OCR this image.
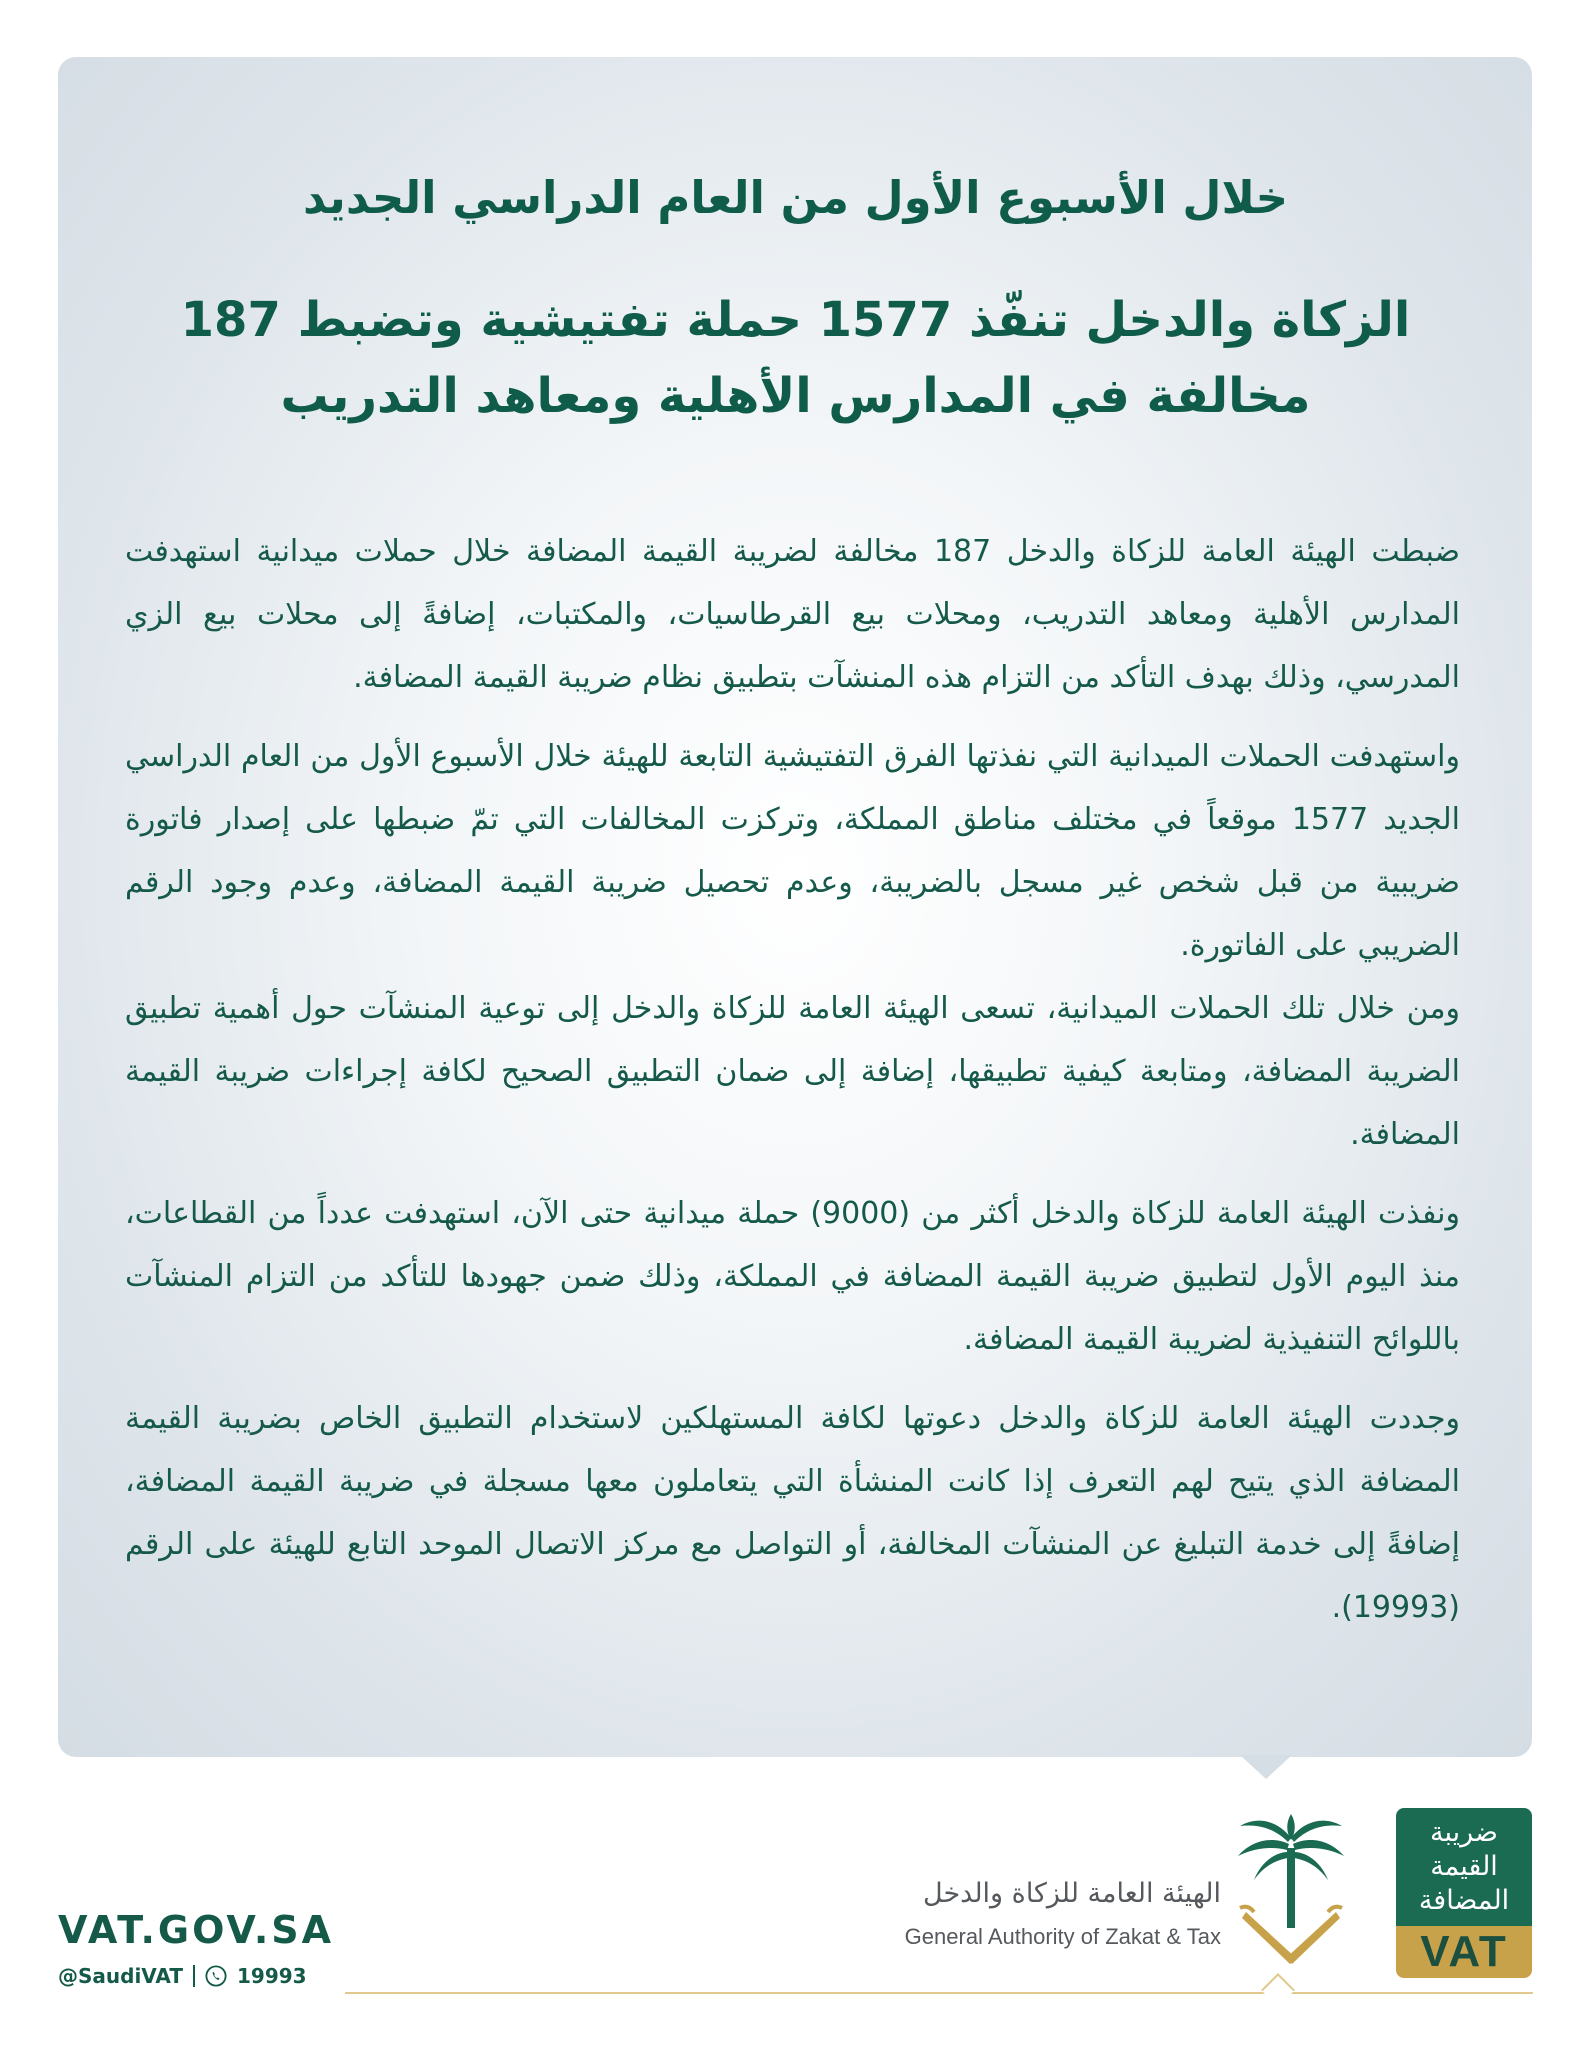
خلال الأسبوع الأول من العام الدراسي الجديد
الزكاة والدخل تنفّذ 1577 حملة تفتيشية وتضبط 187
مخالفة في المدارس الأهلية ومعاهد التدريب

ضبطت الهيئة العامة للزكاة والدخل 187 مخالفة لضريبة القيمة المضافة خلال حملات ميدانية استهدفت المدارس الأهلية ومعاهد التدريب، ومحلات بيع القرطاسيات، والمكتبات، إضافةً إلى محلات بيع الزي المدرسي، وذلك بهدف التأكد من التزام هذه المنشآت بتطبيق نظام ضريبة القيمة المضافة.

واستهدفت الحملات الميدانية التي نفذتها الفرق التفتيشية التابعة للهيئة خلال الأسبوع الأول من العام الدراسي الجديد 1577 موقعاً في مختلف مناطق المملكة، وتركزت المخالفات التي تمّ ضبطها على إصدار فاتورة ضريبية من قبل شخص غير مسجل بالضريبة، وعدم تحصيل ضريبة القيمة المضافة، وعدم وجود الرقم الضريبي على الفاتورة.

ومن خلال تلك الحملات الميدانية، تسعى الهيئة العامة للزكاة والدخل إلى توعية المنشآت حول أهمية تطبيق الضريبة المضافة، ومتابعة كيفية تطبيقها، إضافة إلى ضمان التطبيق الصحيح لكافة إجراءات ضريبة القيمة المضافة.

ونفذت الهيئة العامة للزكاة والدخل أكثر من (9000) حملة ميدانية حتى الآن، استهدفت عدداً من القطاعات، منذ اليوم الأول لتطبيق ضريبة القيمة المضافة في المملكة، وذلك ضمن جهودها للتأكد من التزام المنشآت باللوائح التنفيذية لضريبة القيمة المضافة.

وجددت الهيئة العامة للزكاة والدخل دعوتها لكافة المستهلكين لاستخدام التطبيق الخاص بضريبة القيمة المضافة الذي يتيح لهم التعرف إذا كانت المنشأة التي يتعاملون معها مسجلة في ضريبة القيمة المضافة، إضافةً إلى خدمة التبليغ عن المنشآت المخالفة، أو التواصل مع مركز الاتصال الموحد التابع للهيئة على الرقم (19993).

VAT.GOV.SA

@SaudiVAT	19993

الهيئة العامة للزكاة والدخل

General Authority of Zakat & Tax

ضريبة
القيمة
المضافة
VAT
